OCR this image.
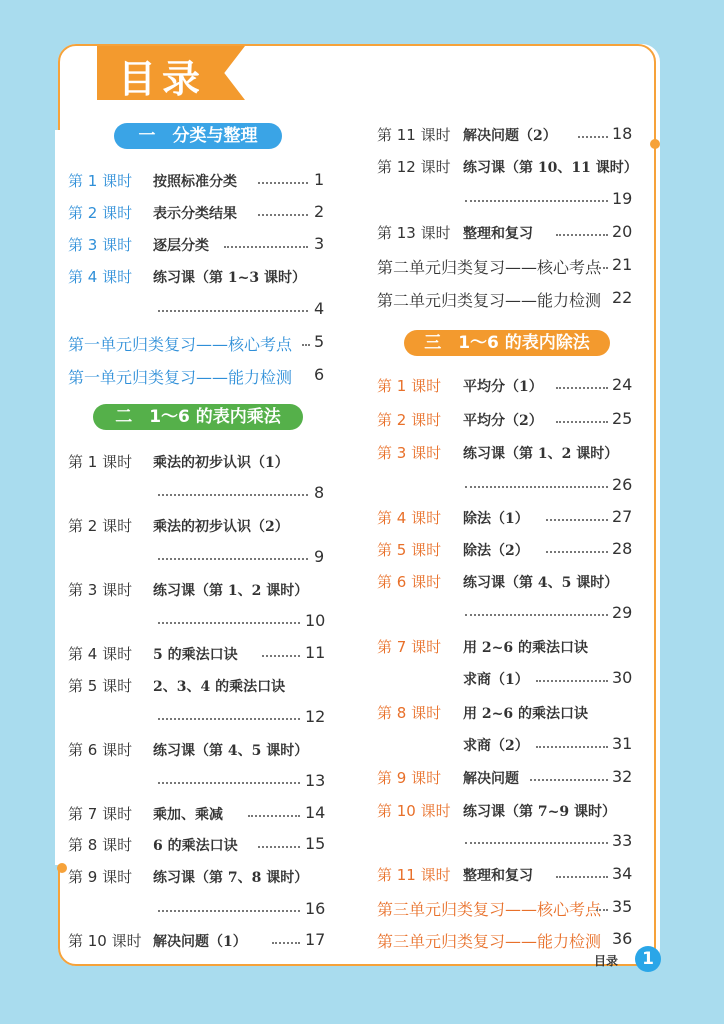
目录
一　分类与整理
二　1～6 的表内乘法
三　1～6 的表内除法
第 1 课时 按照标准分类	1
第 2 课时 表示分类结果	2
第 3 课时 逐层分类	3
第 4 课时 练习课（第 1~3 课时）
4
第一单元归类复习——核心考点 5
第一单元归类复习——能力检测 6
第 1 课时 乘法的初步认识（1）
8
第 2 课时 乘法的初步认识（2）
9
第 3 课时 练习课（第 1、2 课时）
10
第 4 课时 5 的乘法口诀	11
第 5 课时 2、3、4 的乘法口诀
12
第 6 课时 练习课（第 4、5 课时）
13
第 7 课时 乘加、乘减	14
第 8 课时 6 的乘法口诀	15
第 9 课时 练习课（第 7、8 课时）
16
第 10 课时 解决问题（1）	17
第 11 课时 解决问题（2）	18
第 12 课时 练习课（第 10、11 课时）
19
第 13 课时 整理和复习	20
第二单元归类复习——核心考点 21
第二单元归类复习——能力检测 22
第 1 课时 平均分（1）	24
第 2 课时 平均分（2）	25
第 3 课时 练习课（第 1、2 课时）
26
第 4 课时 除法（1）	27
第 5 课时 除法（2）	28
第 6 课时 练习课（第 4、5 课时）
29
第 7 课时 用 2~6 的乘法口诀
求商（1）	30
第 8 课时 用 2~6 的乘法口诀
求商（2）	31
第 9 课时 解决问题	32
第 10 课时 练习课（第 7~9 课时）
33
第 11 课时 整理和复习	34
第三单元归类复习——核心考点 35
第三单元归类复习——能力检测 36
目录	1
